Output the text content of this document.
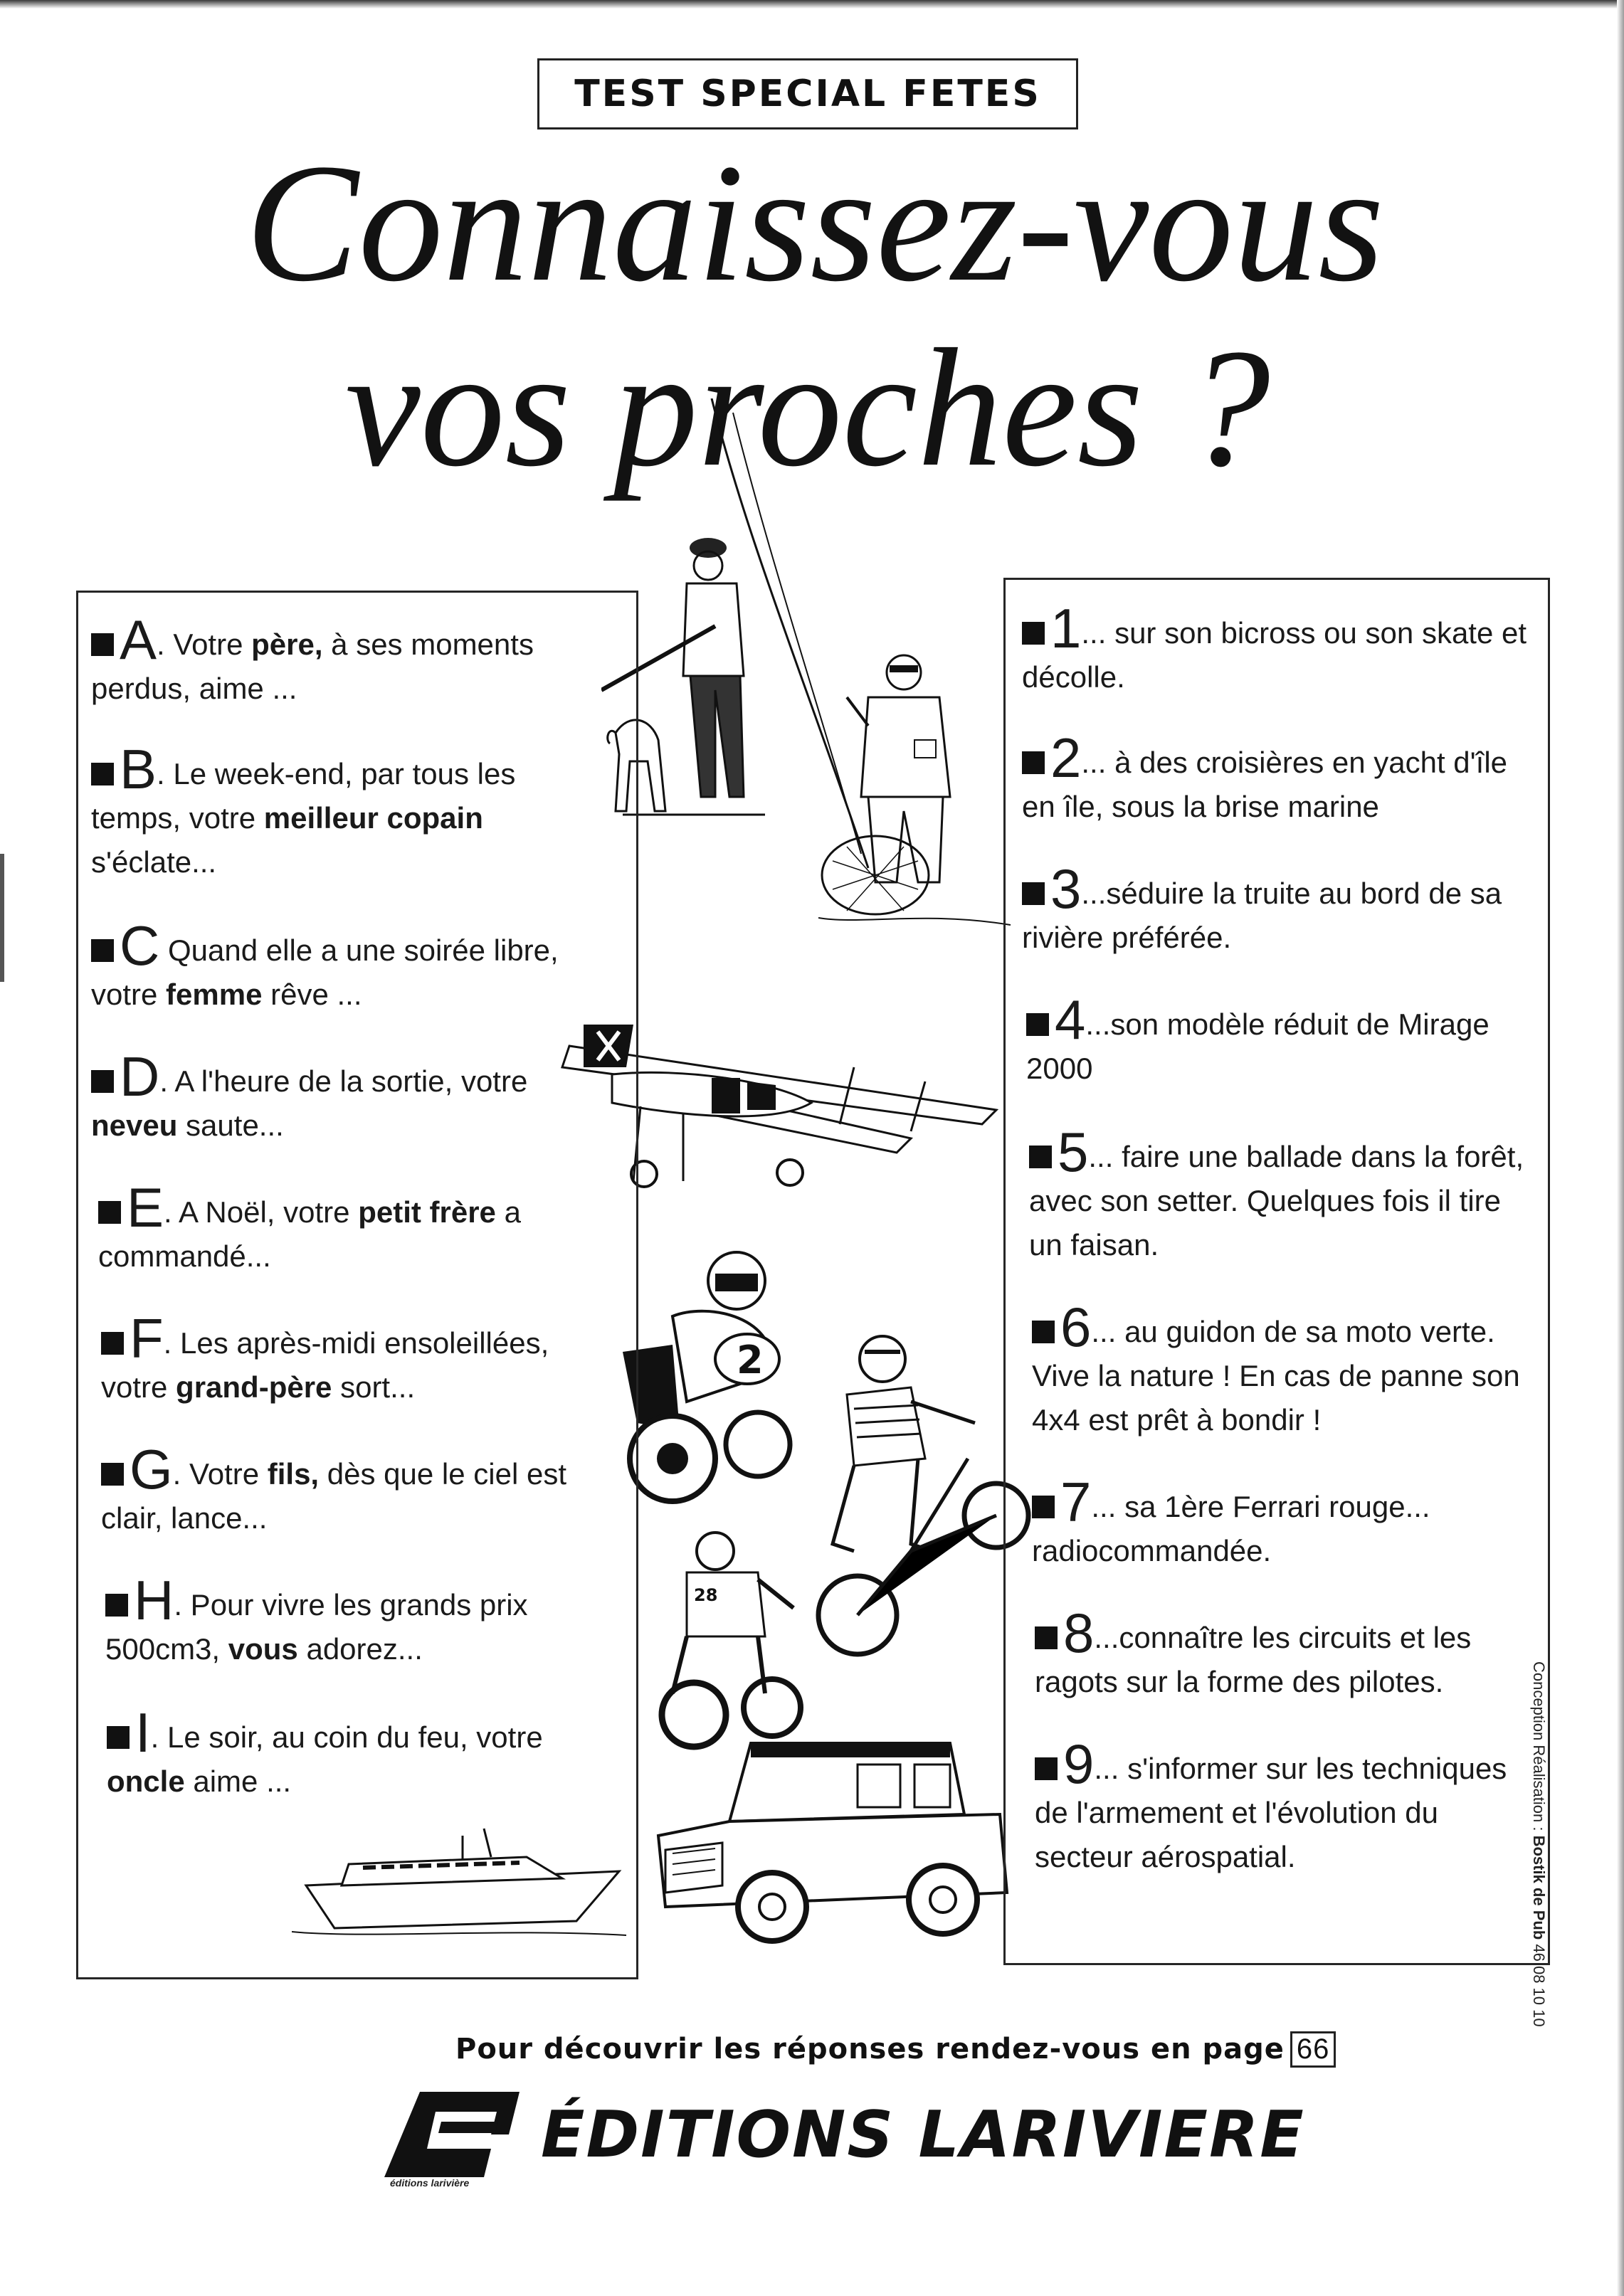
TEST SPECIAL FETES
Connaissez-vous
vos proches ?
2
28
A. Votre père, à ses moments perdus, aime ...
B. Le week-end, par tous les temps, votre meilleur copain s'éclate...
C Quand elle a une soirée libre, votre femme rêve ...
D. A l'heure de la sortie, votre neveu saute...
E. A Noël, votre petit frère a commandé...
F. Les après-midi ensoleillées, votre grand-père sort...
G. Votre fils, dès que le ciel est clair, lance...
H. Pour vivre les grands prix 500cm3, vous adorez...
I. Le soir, au coin du feu, votre oncle aime ...
1... sur son bicross ou son skate et décolle.
2... à des croisières en yacht d'île en île, sous la brise marine
3...séduire la truite au bord de sa rivière préférée.
4...son modèle réduit de Mirage 2000
5... faire une ballade dans la forêt, avec son setter. Quelques fois il tire un faisan.
6... au guidon de sa moto verte. Vive la nature ! En cas de panne son 4x4 est prêt à bondir !
7... sa 1ère Ferrari rouge... radiocommandée.
8...connaître les circuits et les ragots sur la forme des pilotes.
9... s'informer sur les techniques de l'armement et l'évolution du secteur aérospatial.
Pour découvrir les réponses rendez-vous en page 66
éditions larivière
ÉDITIONS LARIVIERE
Conception Réalisation : Bostik de Pub 46 08 10 10
